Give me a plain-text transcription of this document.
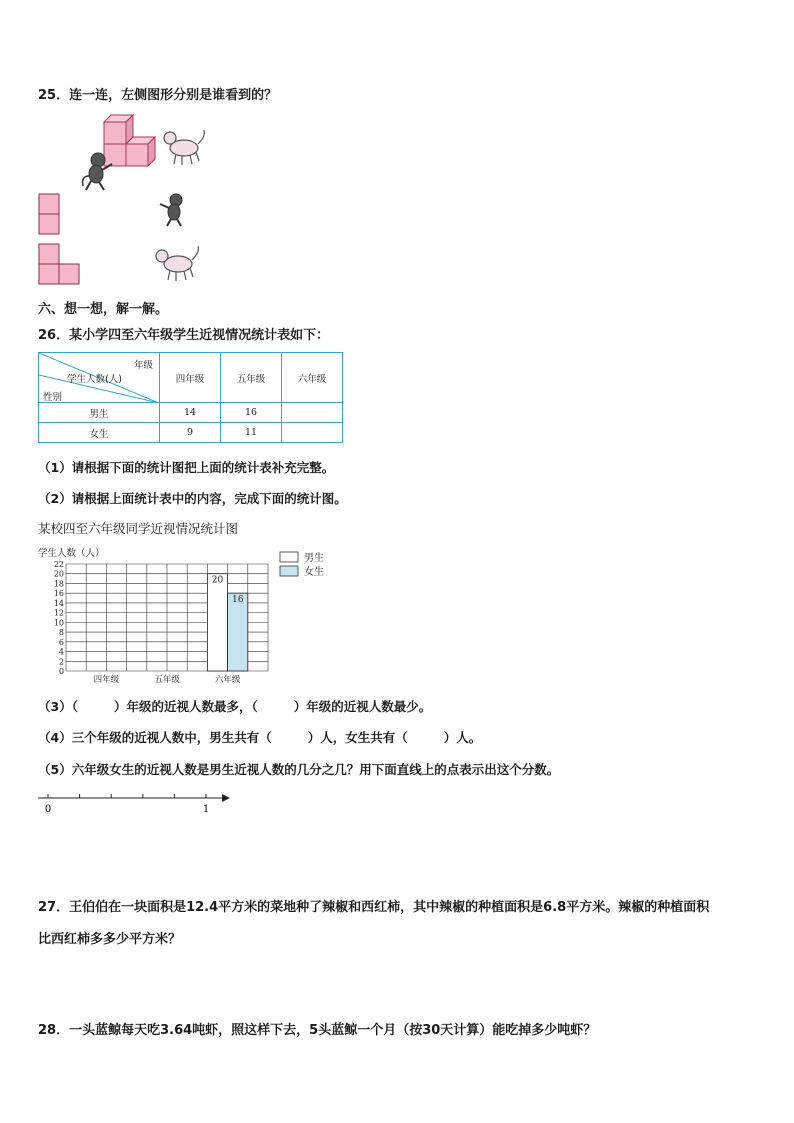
25．连一连，左侧图形分别是谁看到的？
六、想一想，解一解。
26．某小学四至六年级学生近视情况统计表如下：
年级
学生人数(人)
性别	四年级	五年级	六年级
男生	14	16	
女生	9	11	
（1）请根据下面的统计图把上面的统计表补充完整。
（2）请根据上面统计表中的内容，完成下面的统计图。
某校四至六年级同学近视情况统计图
学生人数（人）
0
2
4
6
8
10
12
14
16
18
20
22
20
16
四年级	五年级	六年级
男生
女生
（3）（	）年级的近视人数最多，（	）年级的近视人数最少。
（4）三个年级的近视人数中，男生共有（	）人，女生共有（	）人。
（5）六年级女生的近视人数是男生近视人数的几分之几？用下面直线上的点表示出这个分数。
0	1
27．王伯伯在一块面积是12.4平方米的菜地种了辣椒和西红柿，其中辣椒的种植面积是6.8平方米。辣椒的种植面积
比西红柿多多少平方米？
28．一头蓝鲸每天吃3.64吨虾，照这样下去，5头蓝鲸一个月（按30天计算）能吃掉多少吨虾？
